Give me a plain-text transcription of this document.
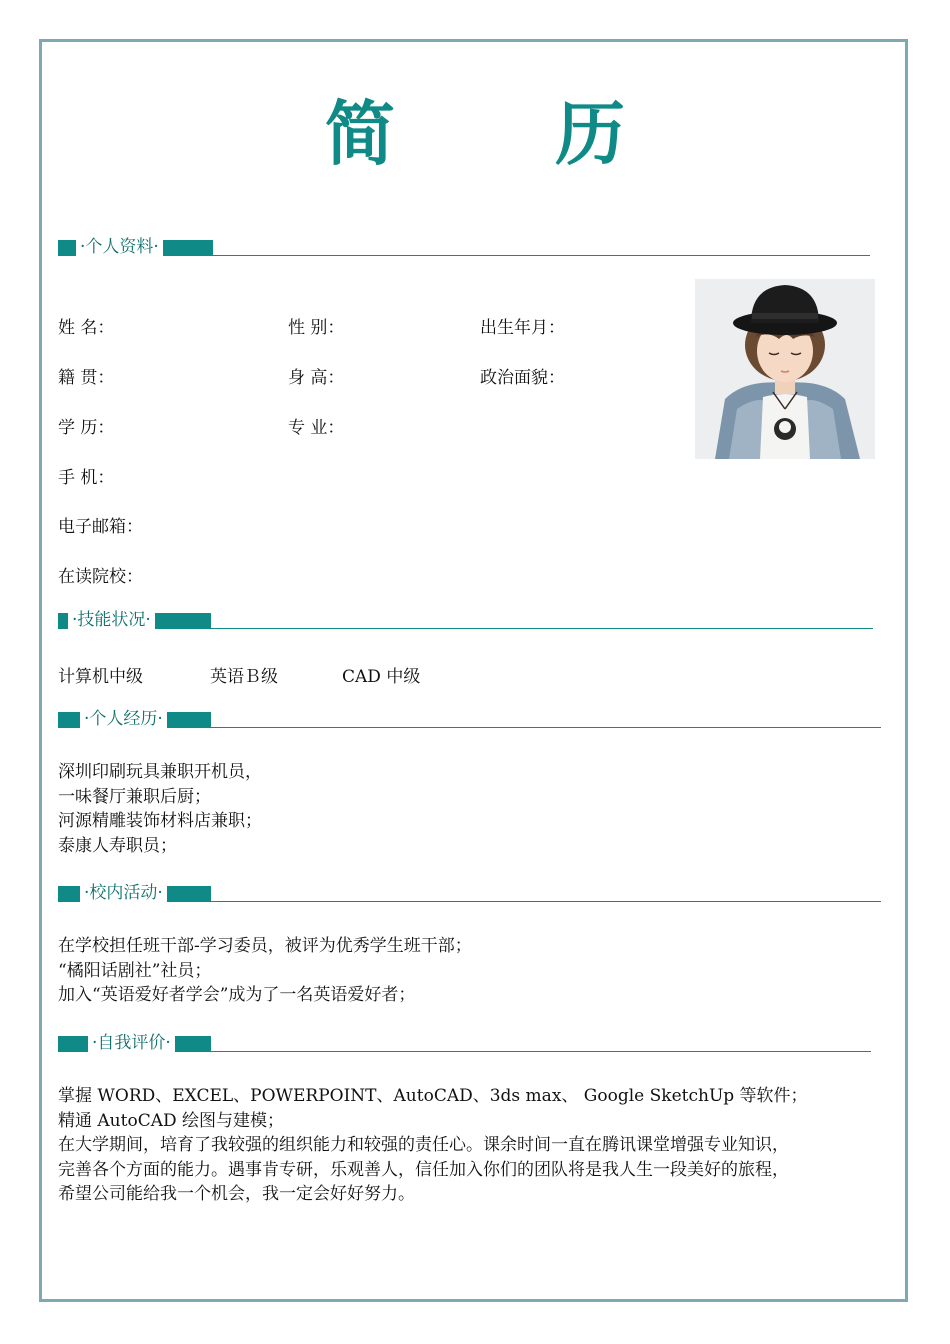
简 历
·个人资料·
姓 名：	性 别：	出生年月：
籍 贯：	身 高：	政治面貌：
学 历：	专 业：
手 机：
电子邮箱：
在读院校：
·技能状况·
计算机中级	英语Ｂ级	CAD 中级
·个人经历·
深圳印刷玩具兼职开机员，
一味餐厅兼职后厨；
河源精雕装饰材料店兼职；
泰康人寿职员；
·校内活动·
在学校担任班干部-学习委员，被评为优秀学生班干部；
“橘阳话剧社”社员；
加入“英语爱好者学会”成为了一名英语爱好者；
·自我评价·
掌握 WORD、EXCEL、POWERPOINT、AutoCAD、3ds max、 Google SketchUp 等软件；
精通 AutoCAD 绘图与建模；
在大学期间，培育了我较强的组织能力和较强的责任心。课余时间一直在腾讯课堂增强专业知识，
完善各个方面的能力。遇事肯专研，乐观善人，信任加入你们的团队将是我人生一段美好的旅程，
希望公司能给我一个机会，我一定会好好努力。
